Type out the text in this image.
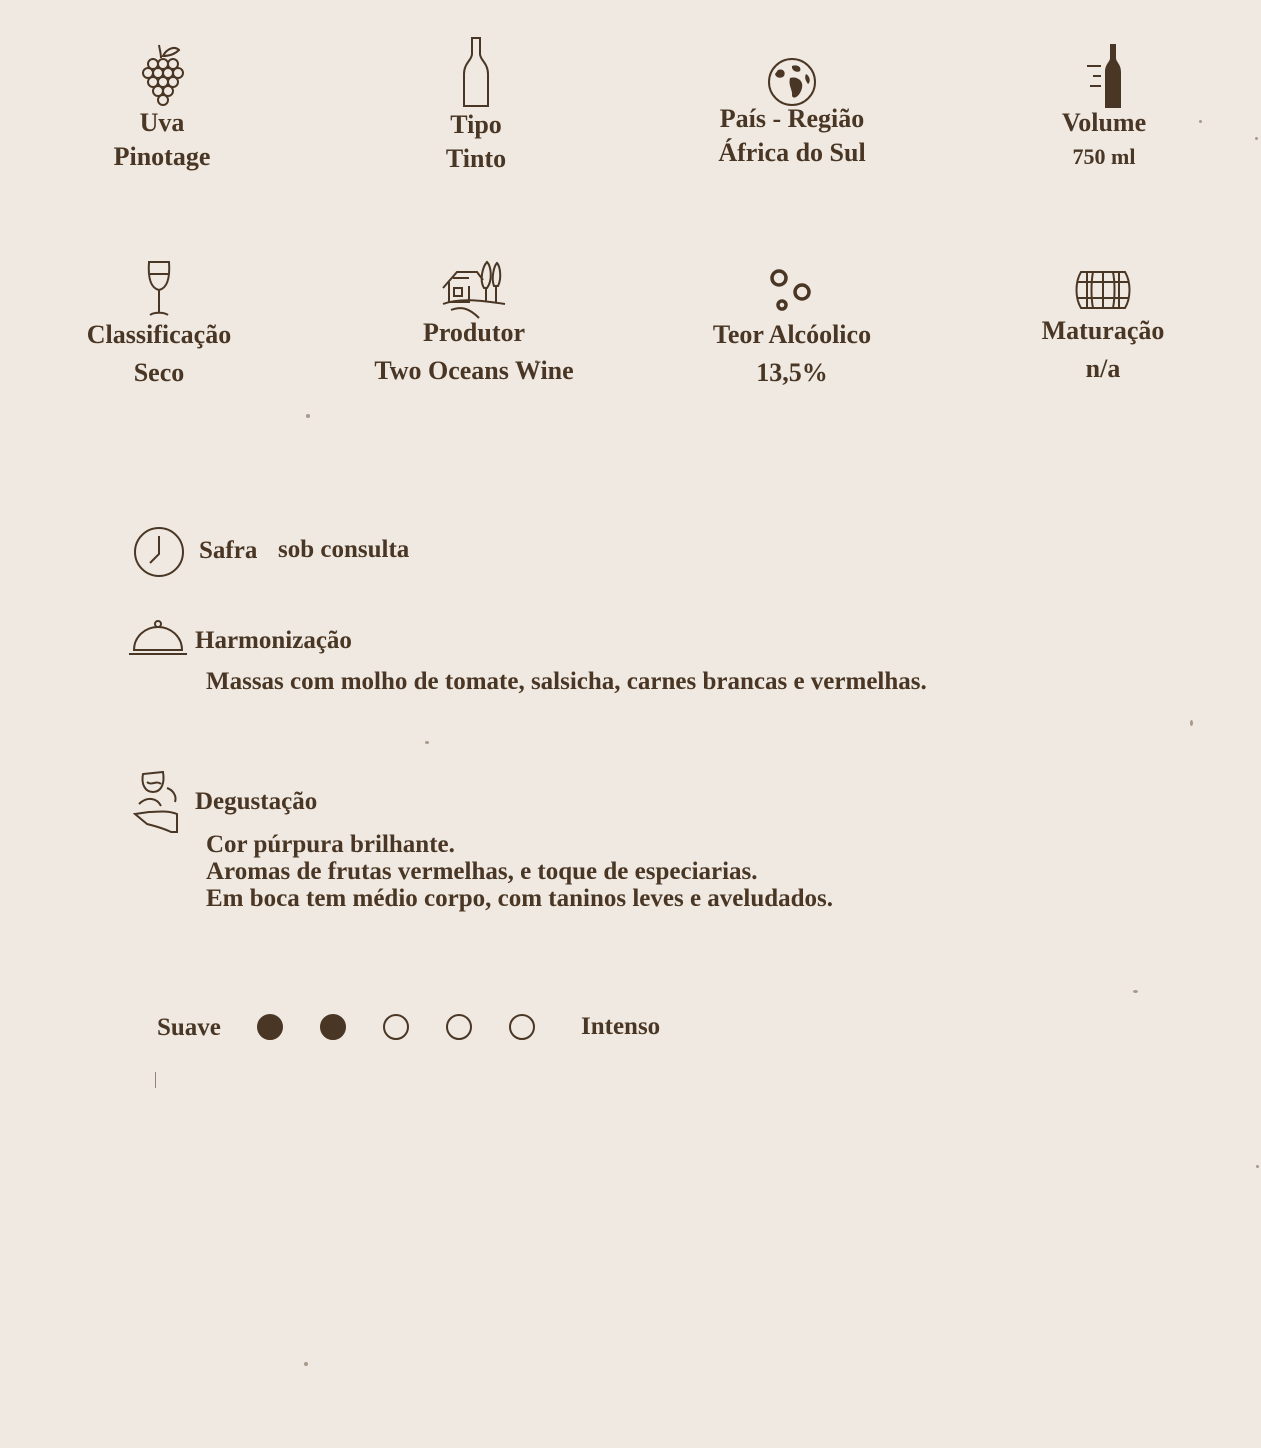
Uva
Pinotage
Tipo
Tinto
País - Região
África do Sul
Volume
750 ml
Classificação
Seco
Produtor
Two Oceans Wine
Teor Alcóolico
13,5%
Maturação
n/a
Safra sob consulta
Harmonização
Massas com molho de tomate, salsicha, carnes brancas e vermelhas.
Degustação
Cor púrpura brilhante.
Aromas de frutas vermelhas, e toque de especiarias.
Em boca tem médio corpo, com taninos leves e aveludados.
Suave	Intenso
